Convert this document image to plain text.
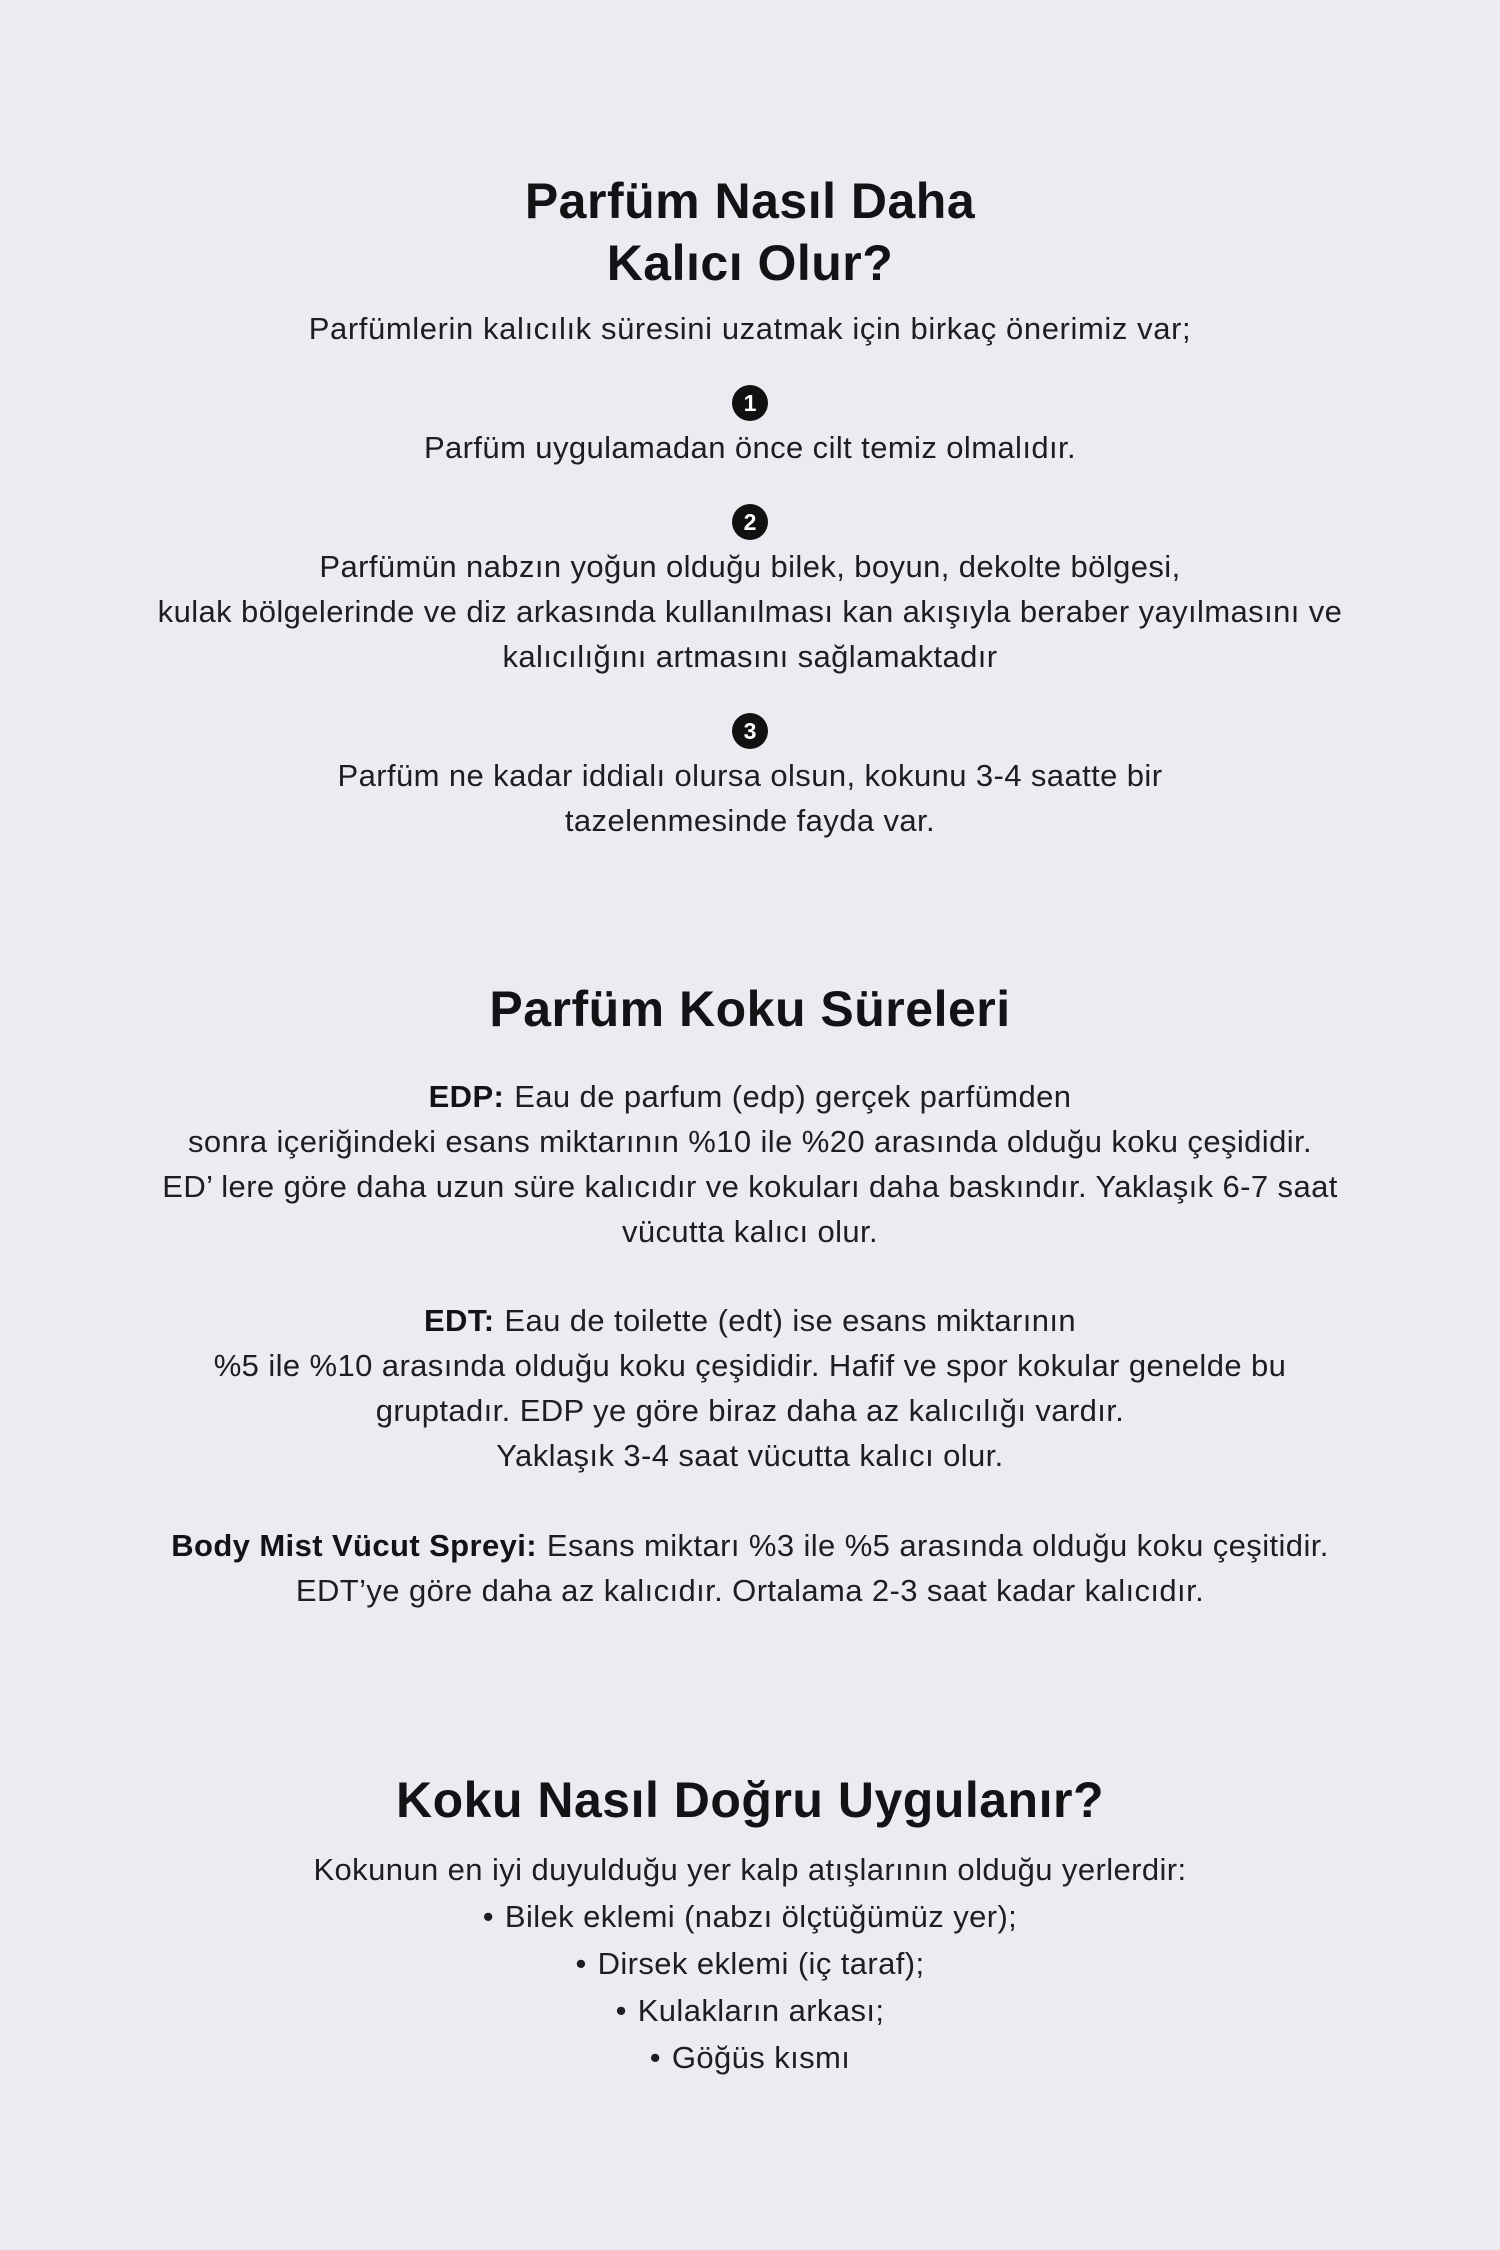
Parfüm Nasıl Daha
Kalıcı Olur?

Parfümlerin kalıcılık süresini uzatmak için birkaç önerimiz var;

1
Parfüm uygulamadan önce cilt temiz olmalıdır.
2
Parfümün nabzın yoğun olduğu bilek, boyun, dekolte bölgesi,
kulak bölgelerinde ve diz arkasında kullanılması kan akışıyla beraber yayılmasını ve
kalıcılığını artmasını sağlamaktadır
3
Parfüm ne kadar iddialı olursa olsun, kokunu 3-4 saatte bir
tazelenmesinde fayda var.
Parfüm Koku Süreleri
EDP: Eau de parfum (edp) gerçek parfümden
sonra içeriğindeki esans miktarının %10 ile %20 arasında olduğu koku çeşididir.
ED’ lere göre daha uzun süre kalıcıdır ve kokuları daha baskındır. Yaklaşık 6-7 saat
vücutta kalıcı olur.
EDT: Eau de toilette (edt) ise esans miktarının
%5 ile %10 arasında olduğu koku çeşididir. Hafif ve spor kokular genelde bu
gruptadır. EDP ye göre biraz daha az kalıcılığı vardır.
Yaklaşık 3-4 saat vücutta kalıcı olur.
Body Mist Vücut Spreyi: Esans miktarı %3 ile %5 arasında olduğu koku çeşitidir.
EDT’ye göre daha az kalıcıdır. Ortalama 2-3 saat kadar kalıcıdır.
Koku Nasıl Doğru Uygulanır?
Kokunun en iyi duyulduğu yer kalp atışlarının olduğu yerlerdir:
• Bilek eklemi (nabzı ölçtüğümüz yer);
• Dirsek eklemi (iç taraf);
• Kulakların arkası;
• Göğüs kısmı
